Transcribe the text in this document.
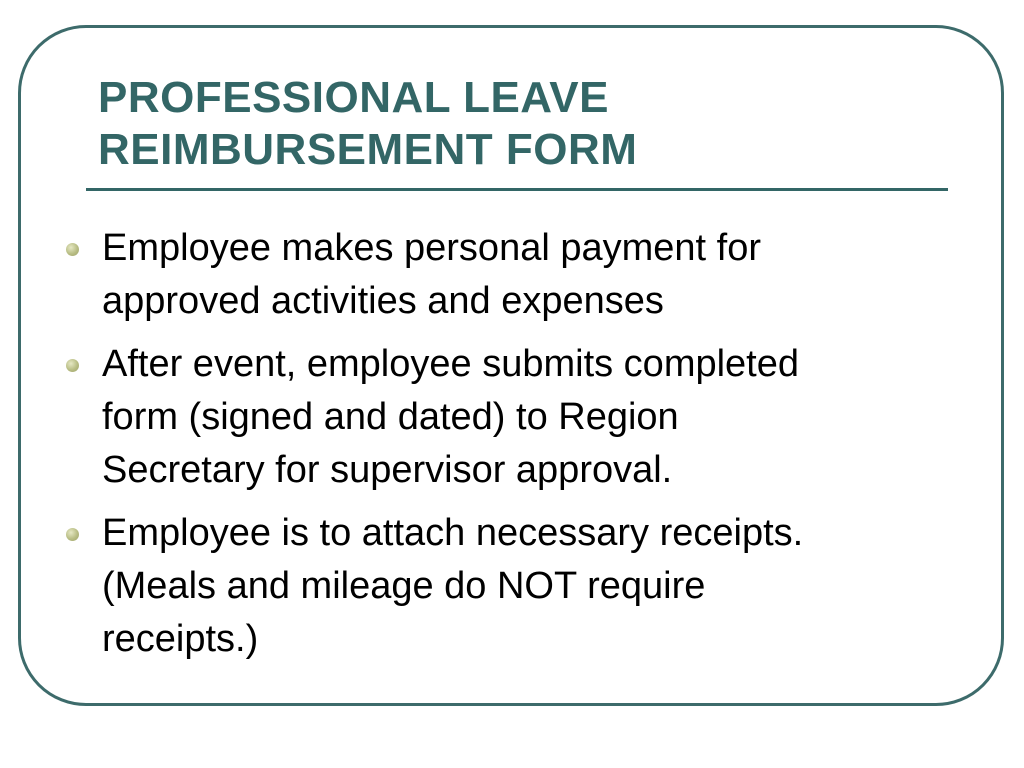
PROFESSIONAL LEAVE
REIMBURSEMENT FORM
Employee makes personal payment for
approved activities and expenses
After event, employee submits completed
form (signed and dated) to Region
Secretary for supervisor approval.
Employee is to attach necessary receipts.
(Meals and mileage do NOT require
receipts.)
